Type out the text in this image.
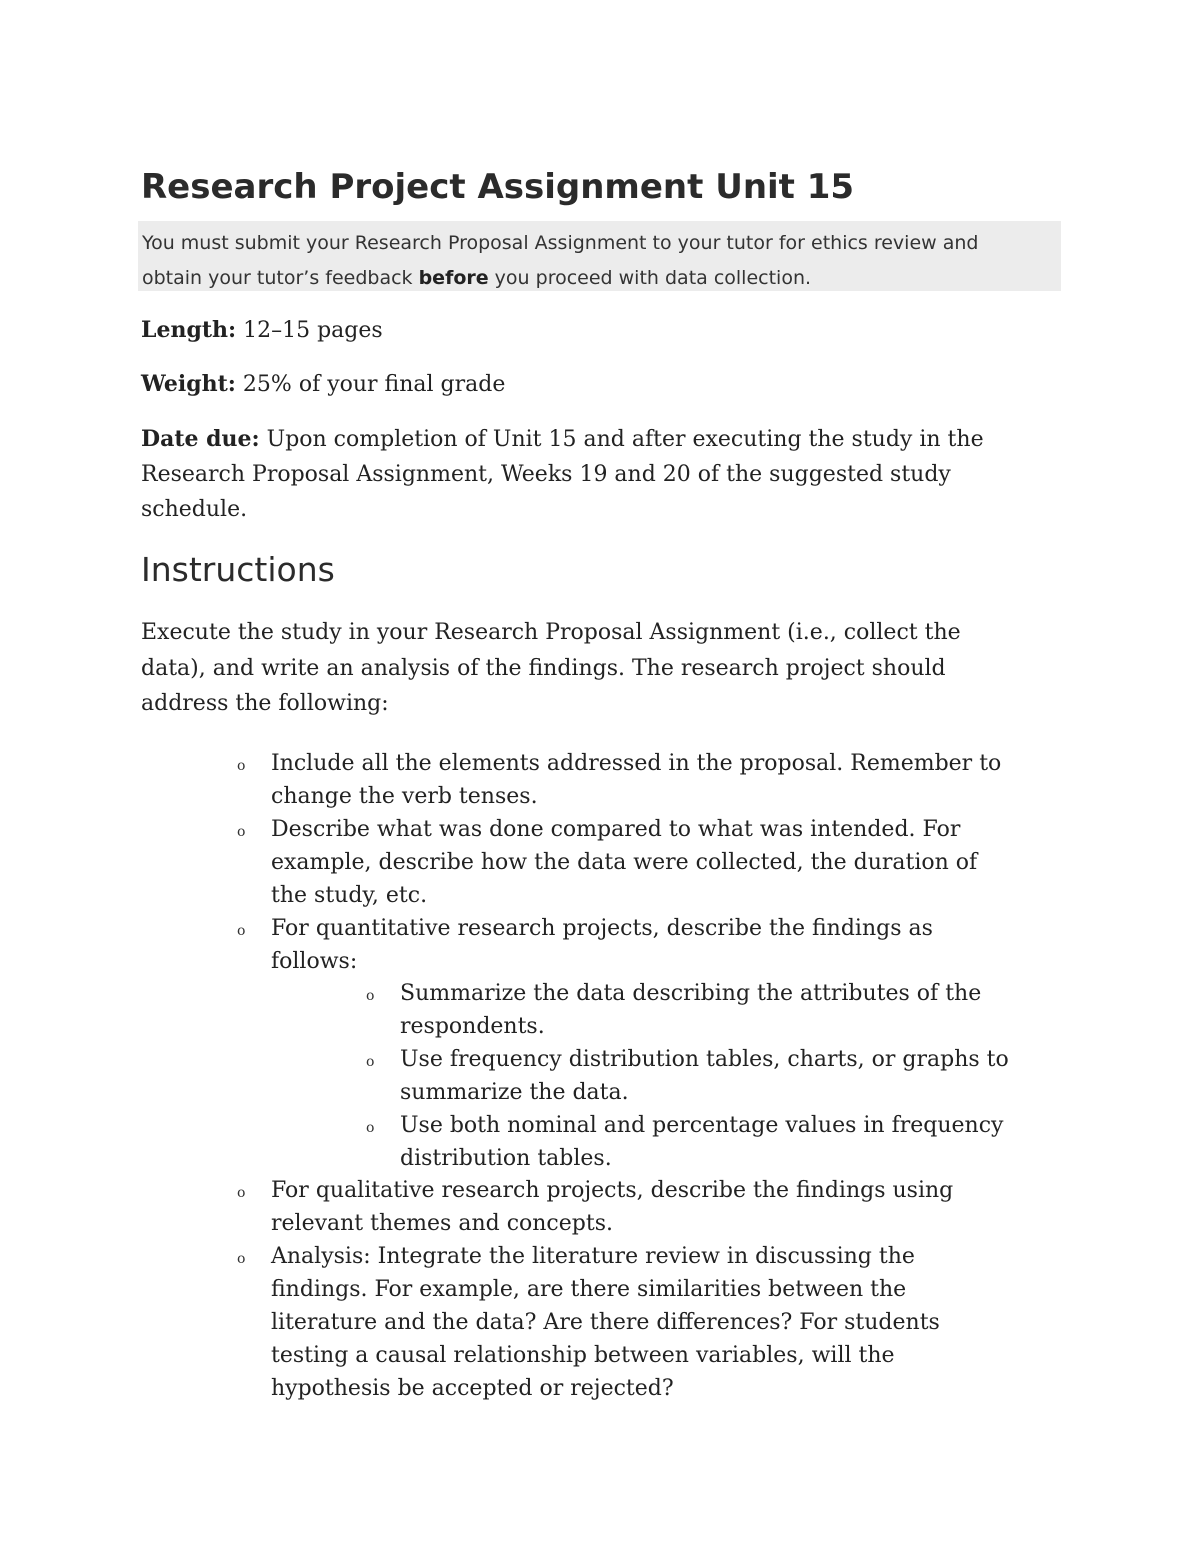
Research Project Assignment Unit 15
You must submit your Research Proposal Assignment to your tutor for ethics review and
obtain your tutor’s feedback before you proceed with data collection.

Length: 12–15 pages

Weight: 25% of your final grade

Date due: Upon completion of Unit 15 and after executing the study in the
Research Proposal Assignment, Weeks 19 and 20 of the suggested study
schedule.

Instructions

Execute the study in your Research Proposal Assignment (i.e., collect the
data), and write an analysis of the findings. The research project should
address the following:

o Include all the elements addressed in the proposal. Remember to
change the verb tenses.
o Describe what was done compared to what was intended. For
example, describe how the data were collected, the duration of
the study, etc.
o For quantitative research projects, describe the findings as
follows:
o Summarize the data describing the attributes of the
respondents.
o Use frequency distribution tables, charts, or graphs to
summarize the data.
o Use both nominal and percentage values in frequency
distribution tables.
o For qualitative research projects, describe the findings using
relevant themes and concepts.
o Analysis: Integrate the literature review in discussing the
findings. For example, are there similarities between the
literature and the data? Are there differences? For students
testing a causal relationship between variables, will the
hypothesis be accepted or rejected?
